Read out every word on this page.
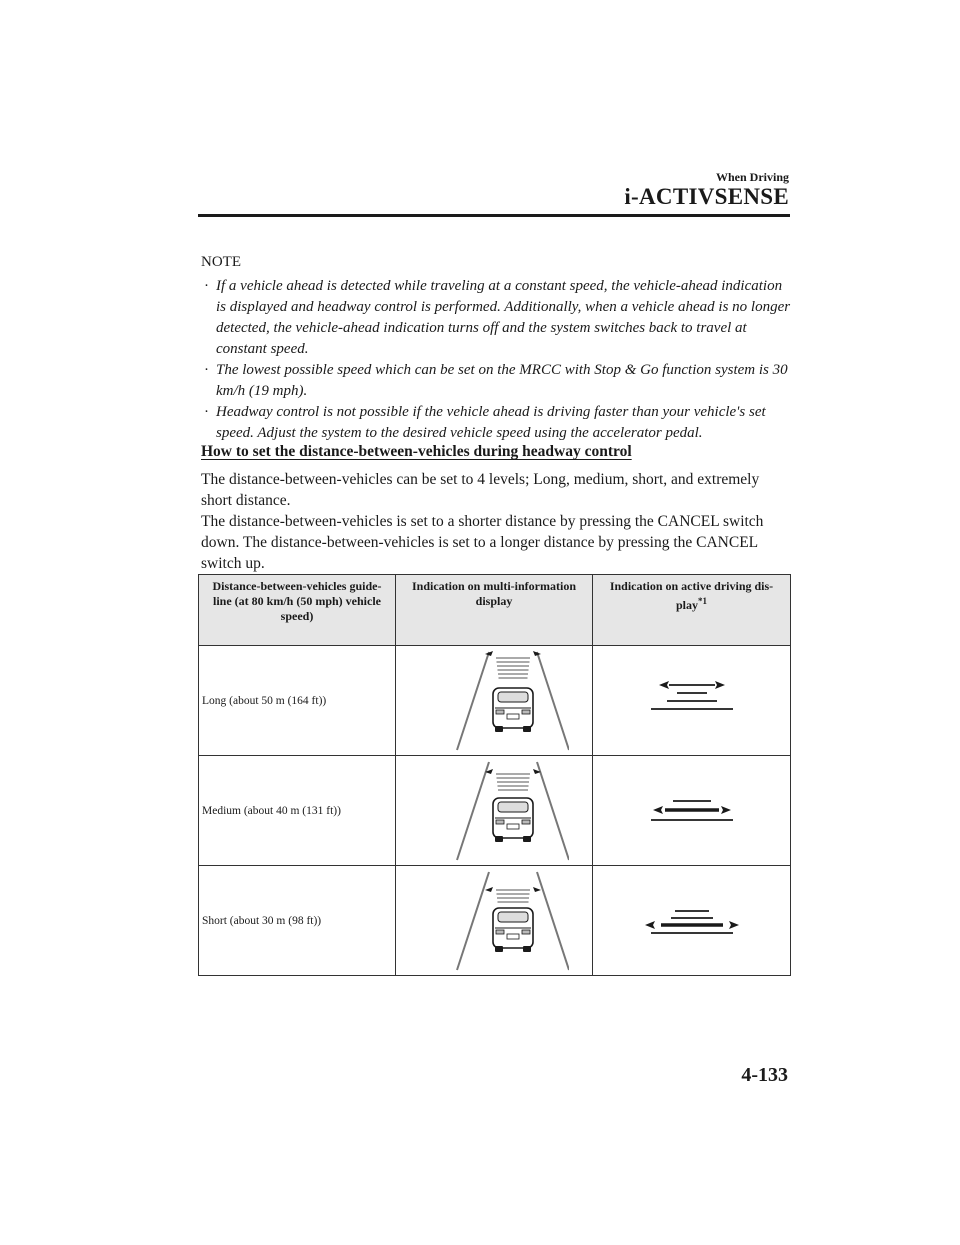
When Driving
i-ACTIVSENSE
NOTE
· If a vehicle ahead is detected while traveling at a constant speed, the vehicle-ahead indication is displayed and headway control is performed. Additionally, when a vehicle ahead is no longer detected, the vehicle-ahead indication turns off and the system switches back to travel at constant speed.
· The lowest possible speed which can be set on the MRCC with Stop & Go function system is 30 km/h (19 mph).
· Headway control is not possible if the vehicle ahead is driving faster than your vehicle's set speed. Adjust the system to the desired vehicle speed using the accelerator pedal.
How to set the distance-between-vehicles during headway control

The distance-between-vehicles can be set to 4 levels; Long, medium, short, and extremely short distance.

The distance-between-vehicles is set to a shorter distance by pressing the CANCEL switch down. The distance-between-vehicles is set to a longer distance by pressing the CANCEL switch up.

Distance-between-vehicles guide-line (at 80 km/h (50 mph) vehicle speed)	Indication on multi-information display	Indication on active driving dis-play$^{*1}$
Long (about 50 m (164 ft))	

Medium (about 40 m (131 ft))	

Short (about 30 m (98 ft))	

4-133
